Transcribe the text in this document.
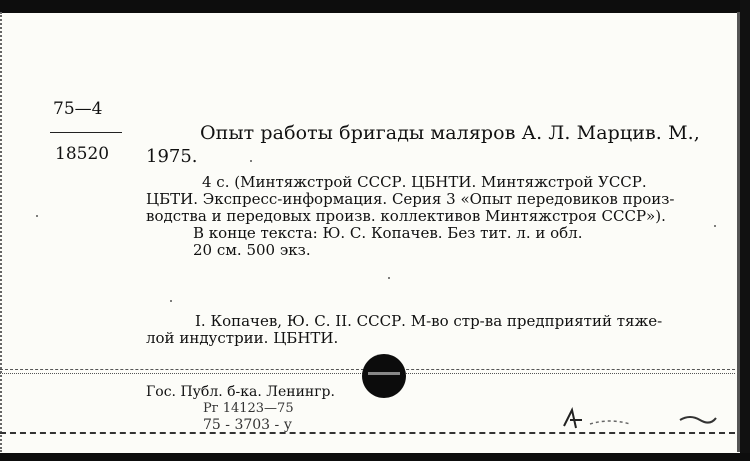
75—4
18520
Опыт работы бригады маляров А. Л. Марцив. М.,
1975.
4 с. (Минтяжстрой СССР. ЦБНТИ. Минтяжстрой УССР.
ЦБТИ. Экспресс-информация. Серия 3 «Опыт передовиков произ-
водства и передовых произв. коллективов Минтяжстроя СССР»).
В конце текста: Ю. С. Копачев. Без тит. л. и обл.
20 см. 500 экз.
I. Копачев, Ю. С. II. СССР. М-во стр-ва предприятий тяже-
лой индустрии. ЦБНТИ.
Гос. Публ. б-ка. Ленингр.
Рг 14123—75
75 - 3703 - у
